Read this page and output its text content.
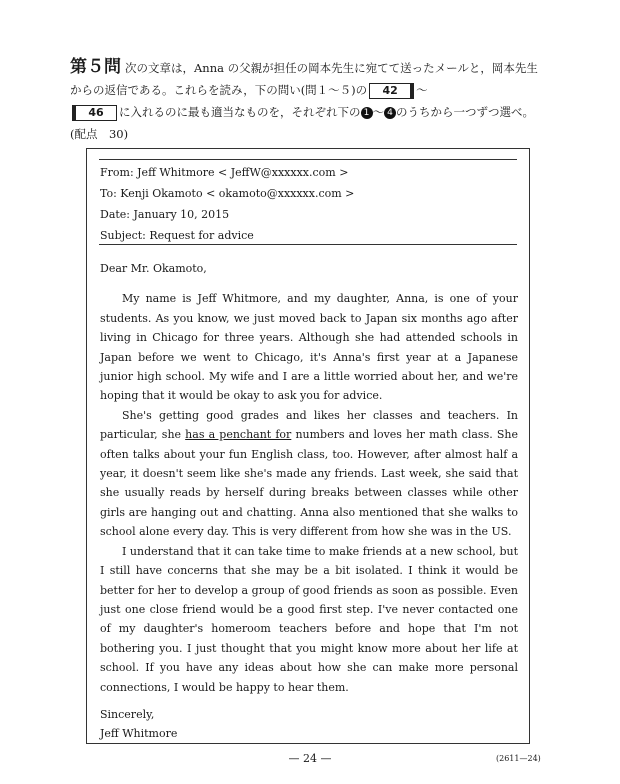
第５問 次の文章は，Anna の父親が担任の岡本先生に宛てて送ったメールと，岡本先生からの返信である。これらを読み，下の問い(問１～５)の 42 ～
46 に入れるのに最も適当なものを，それぞれ下の 1 ～ 4 のうちから一つずつ選べ。(配点　30)
From: Jeff Whitmore < JeffW@xxxxxx.com >
To: Kenji Okamoto < okamoto@xxxxxx.com >
Date: January 10, 2015
Subject: Request for advice
Dear Mr. Okamoto,

My name is Jeff Whitmore, and my daughter, Anna, is one of your students. As you know, we just moved back to Japan six months ago after living in Chicago for three years. Although she had attended schools in Japan before we went to Chicago, it's Anna's first year at a Japanese junior high school. My wife and I are a little worried about her, and we're hoping that it would be okay to ask you for advice.

She's getting good grades and likes her classes and teachers. In particular, she has a penchant for numbers and loves her math class. She often talks about your fun English class, too. However, after almost half a year, it doesn't seem like she's made any friends. Last week, she said that she usually reads by herself during breaks between classes while other girls are hanging out and chatting. Anna also mentioned that she walks to school alone every day. This is very different from how she was in the US.

I understand that it can take time to make friends at a new school, but I still have concerns that she may be a bit isolated. I think it would be better for her to develop a group of good friends as soon as possible. Even just one close friend would be a good first step. I've never contacted one of my daughter's homeroom teachers before and hope that I'm not bothering you. I just thought that you might know more about her life at school. If you have any ideas about how she can make more personal connections, I would be happy to hear them.

Sincerely,
Jeff Whitmore
— 24 —	(2611—24)
